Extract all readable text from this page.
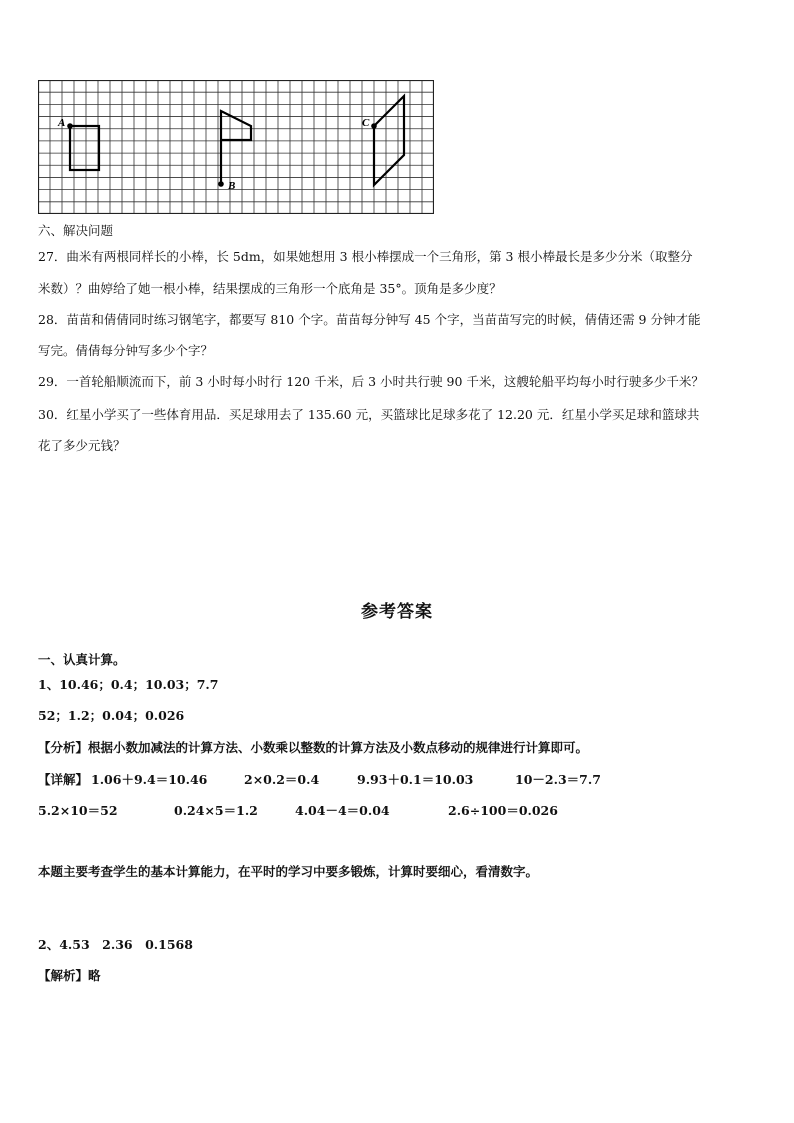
A
B
C
六、解决问题
27．曲米有两根同样长的小棒，长 5dm，如果她想用 3 根小棒摆成一个三角形，第 3 根小棒最长是多少分米（取整分
米数）？曲婷给了她一根小棒，结果摆成的三角形一个底角是 35°。顶角是多少度？
28．苗苗和倩倩同时练习钢笔字，都要写 810 个字。苗苗每分钟写 45 个字，当苗苗写完的时候，倩倩还需 9 分钟才能
写完。倩倩每分钟写多少个字？
29．一首轮船顺流而下，前 3 小时每小时行 120 千米，后 3 小时共行驶 90 千米，这艘轮船平均每小时行驶多少千米？
30．红星小学买了一些体育用品．买足球用去了 135.60 元，买篮球比足球多花了 12.20 元．红星小学买足球和篮球共
花了多少元钱？
参考答案
一、认真计算。
1、10.46；0.4；10.03；7.7
52；1.2；0.04；0.026
【分析】根据小数加减法的计算方法、小数乘以整数的计算方法及小数点移动的规律进行计算即可。
【详解】 1.06＋9.4＝10.46	2×0.2＝0.4	9.93＋0.1＝10.03	10－2.3＝7.7
5.2×10＝52	0.24×5＝1.2	4.04－4＝0.04	2.6÷100＝0.026
本题主要考查学生的基本计算能力，在平时的学习中要多锻炼，计算时要细心，看清数字。
2、4.53　2.36　0.1568
【解析】略
